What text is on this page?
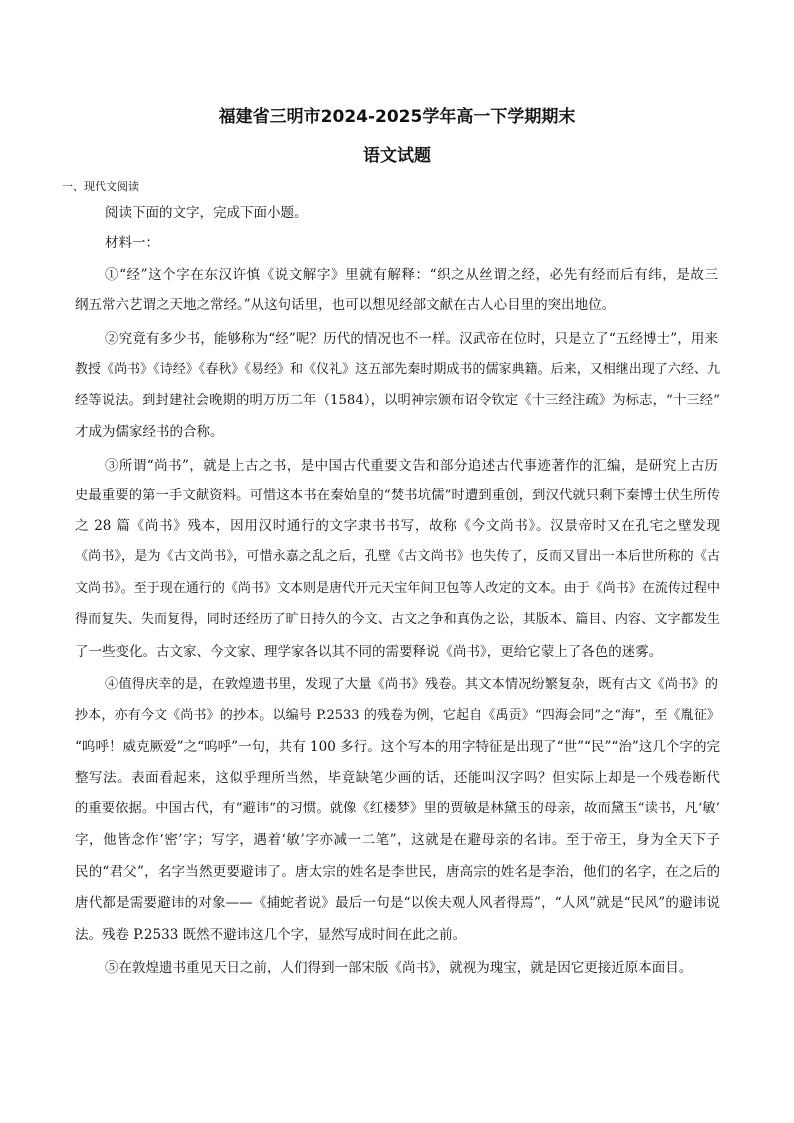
福建省三明市2024-2025学年高一下学期期末
语文试题

一、现代文阅读

阅读下面的文字，完成下面小题。

材料一：

①“经”这个字在东汉许慎《说文解字》里就有解释：“织之从丝谓之经，必先有经而后有纬，是故三

纲五常六艺谓之天地之常经。”从这句话里，也可以想见经部文献在古人心目里的突出地位。

②究竟有多少书，能够称为“经”呢？历代的情况也不一样。汉武帝在位时，只是立了“五经博士”，用来

教授《尚书》《诗经》《春秋》《易经》和《仪礼》这五部先秦时期成书的儒家典籍。后来，又相继出现了六经、九

经等说法。到封建社会晚期的明万历二年（1584），以明神宗颁布诏令钦定《十三经注疏》为标志，“十三经”

才成为儒家经书的合称。

③所谓“尚书”，就是上古之书，是中国古代重要文告和部分追述古代事迹著作的汇编，是研究上古历

史最重要的第一手文献资料。可惜这本书在秦始皇的“焚书坑儒”时遭到重创，到汉代就只剩下秦博士伏生所传

之 28 篇《尚书》残本，因用汉时通行的文字隶书书写，故称《今文尚书》。汉景帝时又在孔宅之壁发现

《尚书》，是为《古文尚书》，可惜永嘉之乱之后，孔壁《古文尚书》也失传了，反而又冒出一本后世所称的《古

文尚书》。至于现在通行的《尚书》文本则是唐代开元天宝年间卫包等人改定的文本。由于《尚书》在流传过程中

得而复失、失而复得，同时还经历了旷日持久的今文、古文之争和真伪之讼，其版本、篇目、内容、文字都发生

了一些变化。古文家、今文家、理学家各以其不同的需要释说《尚书》，更给它蒙上了各色的迷雾。

④值得庆幸的是，在敦煌遗书里，发现了大量《尚书》残卷。其文本情况纷繁复杂，既有古文《尚书》的

抄本，亦有今文《尚书》的抄本。以编号 P.2533 的残卷为例，它起自《禹贡》“四海会同”之“海”，至《胤征》

“呜呼！威克厥爱”之“呜呼”一句，共有 100 多行。这个写本的用字特征是出现了“世”“民”“治”这几个字的完

整写法。表面看起来，这似乎理所当然，毕竟缺笔少画的话，还能叫汉字吗？但实际上却是一个残卷断代

的重要依据。中国古代，有“避讳”的习惯。就像《红楼梦》里的贾敏是林黛玉的母亲，故而黛玉“读书，凡‘敏’

字，他皆念作‘密’字；写字，遇着‘敏’字亦减一二笔”，这就是在避母亲的名讳。至于帝王，身为全天下子

民的“君父”，名字当然更要避讳了。唐太宗的姓名是李世民，唐高宗的姓名是李治，他们的名字，在之后的

唐代都是需要避讳的对象——《捕蛇者说》最后一句是“以俟夫观人风者得焉”，“人风”就是“民风”的避讳说

法。残卷 P.2533 既然不避讳这几个字，显然写成时间在此之前。

⑤在敦煌遗书重见天日之前，人们得到一部宋版《尚书》，就视为瑰宝，就是因它更接近原本面目。
